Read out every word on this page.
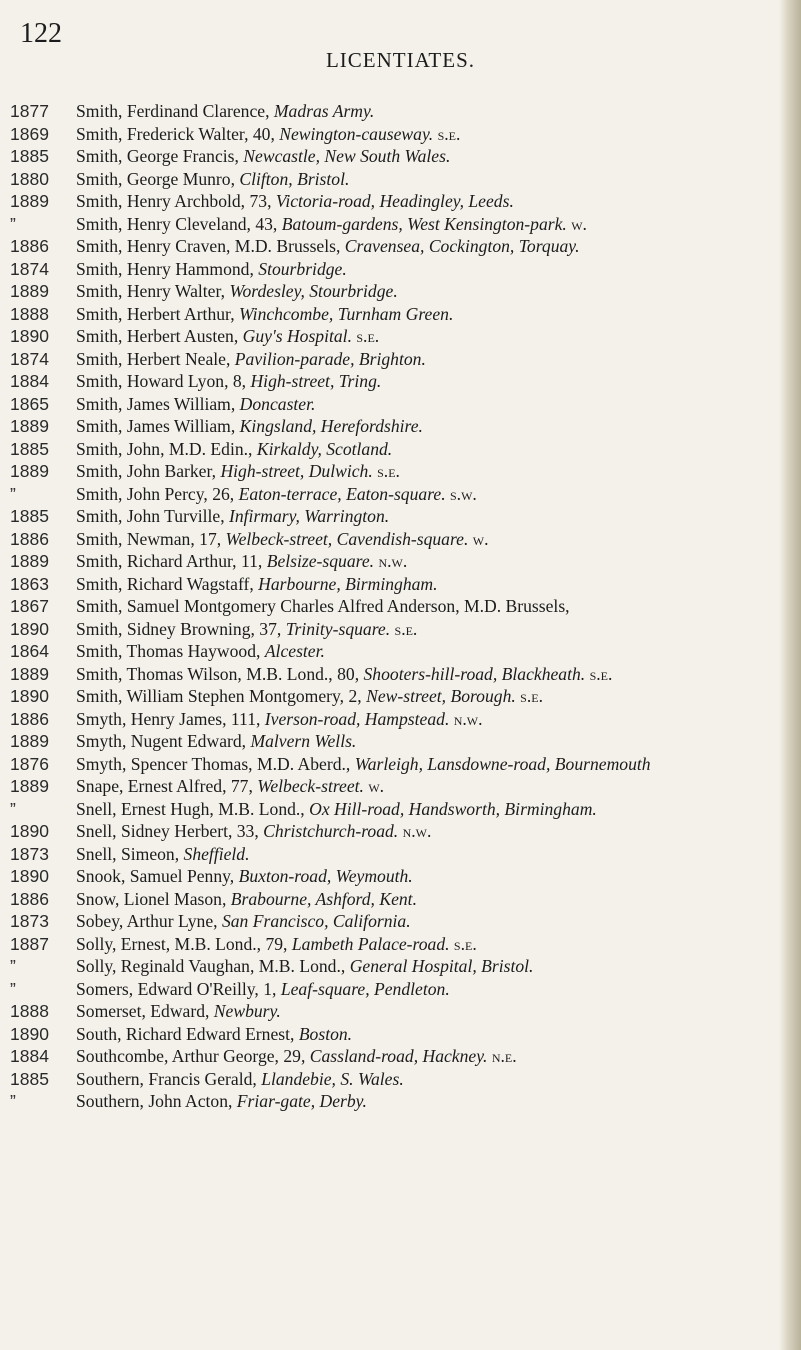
122
LICENTIATES.
1877	Smith, Ferdinand Clarence, Madras Army.
1869	Smith, Frederick Walter, 40, Newington-causeway. s.e.
1885	Smith, George Francis, Newcastle, New South Wales.
1880	Smith, George Munro, Clifton, Bristol.
1889	Smith, Henry Archbold, 73, Victoria-road, Headingley, Leeds.
”	Smith, Henry Cleveland, 43, Batoum-gardens, West Kensington-park. w.
1886	Smith, Henry Craven, M.D. Brussels, Cravensea, Cockington, Torquay.
1874	Smith, Henry Hammond, Stourbridge.
1889	Smith, Henry Walter, Wordesley, Stourbridge.
1888	Smith, Herbert Arthur, Winchcombe, Turnham Green.
1890	Smith, Herbert Austen, Guy's Hospital. s.e.
1874	Smith, Herbert Neale, Pavilion-parade, Brighton.
1884	Smith, Howard Lyon, 8, High-street, Tring.
1865	Smith, James William, Doncaster.
1889	Smith, James William, Kingsland, Herefordshire.
1885	Smith, John, M.D. Edin., Kirkaldy, Scotland.
1889	Smith, John Barker, High-street, Dulwich. s.e.
”	Smith, John Percy, 26, Eaton-terrace, Eaton-square. s.w.
1885	Smith, John Turville, Infirmary, Warrington.
1886	Smith, Newman, 17, Welbeck-street, Cavendish-square. w.
1889	Smith, Richard Arthur, 11, Belsize-square. n.w.
1863	Smith, Richard Wagstaff, Harbourne, Birmingham.
1867	Smith, Samuel Montgomery Charles Alfred Anderson, M.D. Brussels,
1890	Smith, Sidney Browning, 37, Trinity-square. s.e.
1864	Smith, Thomas Haywood, Alcester.
1889	Smith, Thomas Wilson, M.B. Lond., 80, Shooters-hill-road, Blackheath. s.e.
1890	Smith, William Stephen Montgomery, 2, New-street, Borough. s.e.
1886	Smyth, Henry James, 111, Iverson-road, Hampstead. n.w.
1889	Smyth, Nugent Edward, Malvern Wells.
1876	Smyth, Spencer Thomas, M.D. Aberd., Warleigh, Lansdowne-road, Bournemouth
1889	Snape, Ernest Alfred, 77, Welbeck-street. w.
”	Snell, Ernest Hugh, M.B. Lond., Ox Hill-road, Handsworth, Birmingham.
1890	Snell, Sidney Herbert, 33, Christchurch-road. n.w.
1873	Snell, Simeon, Sheffield.
1890	Snook, Samuel Penny, Buxton-road, Weymouth.
1886	Snow, Lionel Mason, Brabourne, Ashford, Kent.
1873	Sobey, Arthur Lyne, San Francisco, California.
1887	Solly, Ernest, M.B. Lond., 79, Lambeth Palace-road. s.e.
”	Solly, Reginald Vaughan, M.B. Lond., General Hospital, Bristol.
”	Somers, Edward O'Reilly, 1, Leaf-square, Pendleton.
1888	Somerset, Edward, Newbury.
1890	South, Richard Edward Ernest, Boston.
1884	Southcombe, Arthur George, 29, Cassland-road, Hackney. n.e.
1885	Southern, Francis Gerald, Llandebie, S. Wales.
”	Southern, John Acton, Friar-gate, Derby.
